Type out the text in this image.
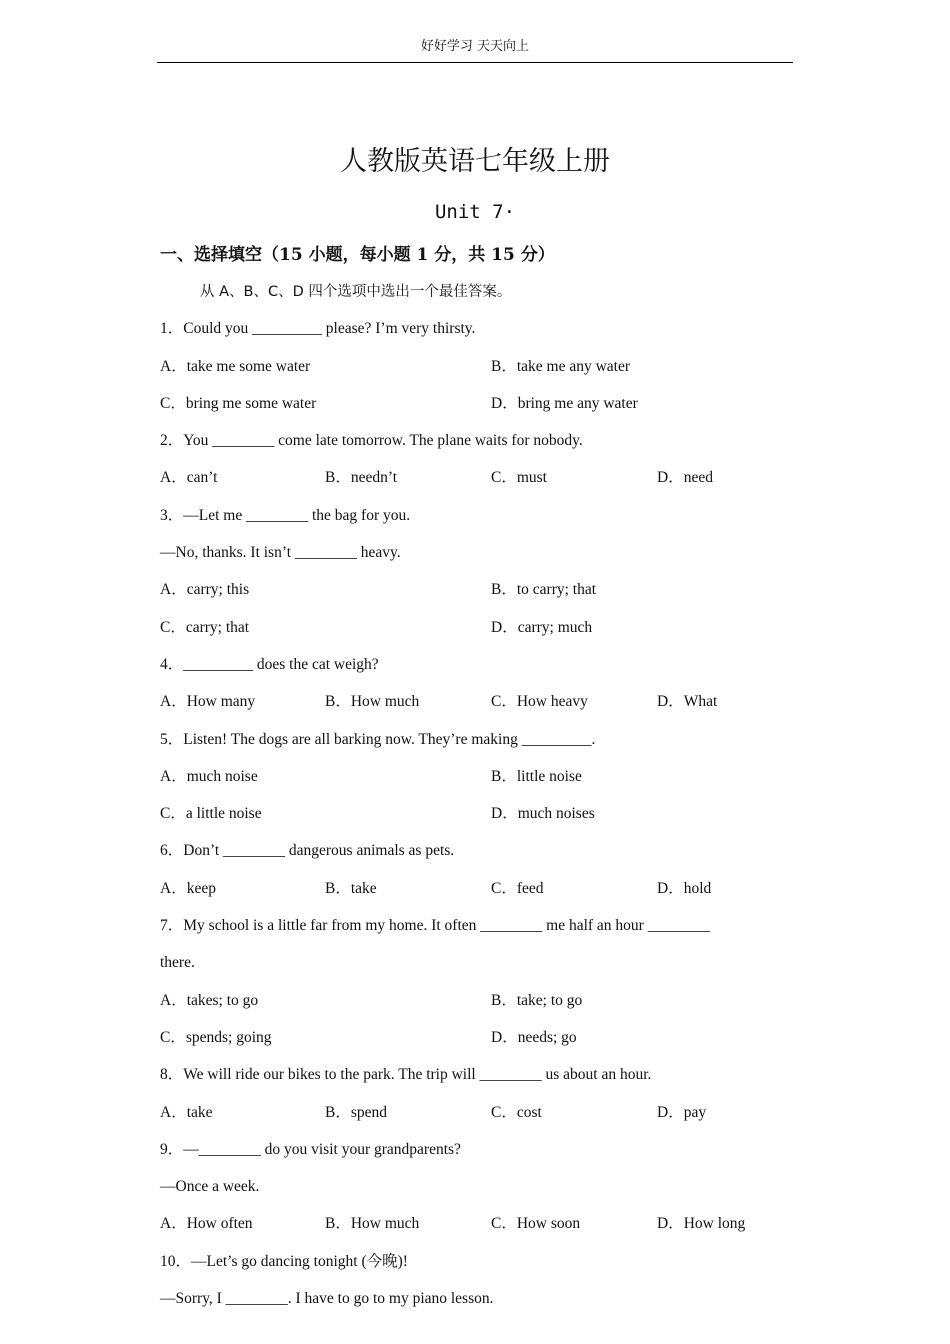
好好学习 天天向上
人教版英语七年级上册
Unit 7·
一、选择填空（15 小题，每小题 1 分，共 15 分）
从 A、B、C、D 四个选项中选出一个最佳答案。
1．Could you _________ please? I’m very thirsty.
A．take me some water	B．take me any water
C．bring me some water	D．bring me any water
2．You ________ come late tomorrow. The plane waits for nobody.
A．can’t	B．needn’t	C．must	D．need
3．—Let me ________ the bag for you.
—No, thanks. It isn’t ________ heavy.
A．carry; this	B．to carry; that
C．carry; that	D．carry; much
4．_________ does the cat weigh?
A．How many	B．How much	C．How heavy	D．What
5．Listen! The dogs are all barking now. They’re making _________.
A．much noise	B．little noise
C．a little noise	D．much noises
6．Don’t ________ dangerous animals as pets.
A．keep	B．take	C．feed	D．hold
7．My school is a little far from my home. It often ________ me half an hour ________
there.
A．takes; to go	B．take; to go
C．spends; going	D．needs; go
8．We will ride our bikes to the park. The trip will ________ us about an hour.
A．take	B．spend	C．cost	D．pay
9．—________ do you visit your grandparents?
—Once a week.
A．How often	B．How much	C．How soon	D．How long
10．—Let’s go dancing tonight (今晚)!
—Sorry, I ________. I have to go to my piano lesson.
